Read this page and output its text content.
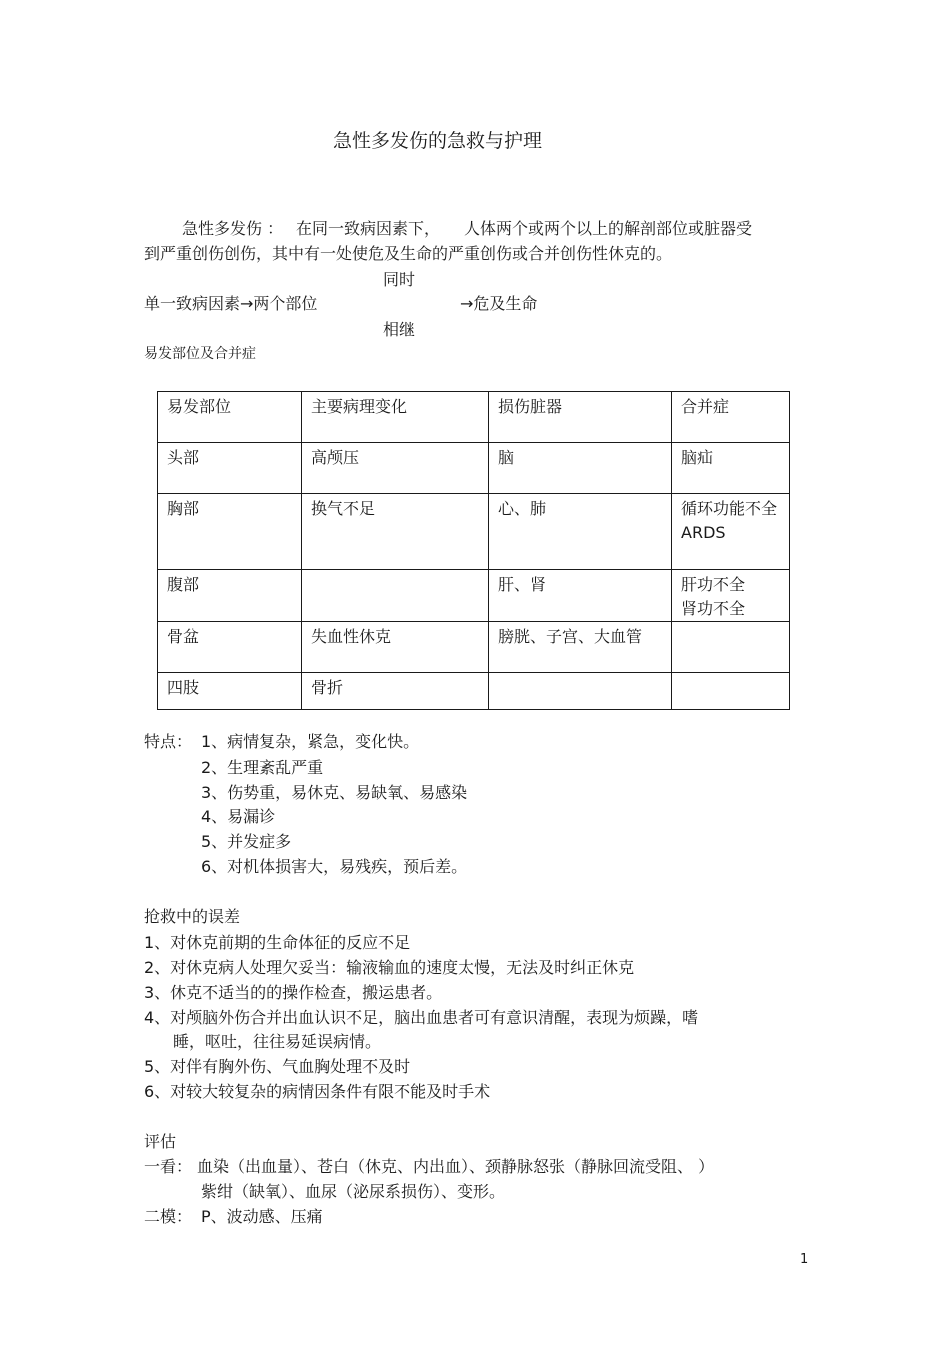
急性多发伤的急救与护理
急性多发伤 ： 在同一致病因素下， 人体两个或两个以上的解剖部位或脏器受
到严重创伤创伤，其中有一处使危及生命的严重创伤或合并创伤性休克的。
同时
单一致病因素→两个部位	→危及生命
相继
易发部位及合并症
易发部位	主要病理变化	损伤脏器	合并症
头部	高颅压	脑	脑疝
胸部	换气不足	心、肺	循环功能不全
ARDS
腹部		肝、肾	肝功不全
肾功不全
骨盆	失血性休克	膀胱、子宫、大血管	
四肢	骨折		
特点： 1、病情复杂，紧急，变化快。
2、生理紊乱严重
3、伤势重，易休克、易缺氧、易感染
4、易漏诊
5、并发症多
6、对机体损害大，易残疾，预后差。
抢救中的误差
1、对休克前期的生命体征的反应不足
2、对休克病人处理欠妥当：输液输血的速度太慢，无法及时纠正休克
3、休克不适当的的操作检查，搬运患者。
4、对颅脑外伤合并出血认识不足，脑出血患者可有意识清醒，表现为烦躁，嗜
睡，呕吐，往往易延误病情。
5、对伴有胸外伤、气血胸处理不及时
6、对较大较复杂的病情因条件有限不能及时手术
评估
一看： 血染（出血量）、苍白（休克、内出血）、颈静脉怒张（静脉回流受阻、 ）
紫绀（缺氧）、血尿（泌尿系损伤）、变形。
二模： P、波动感、压痛
1
